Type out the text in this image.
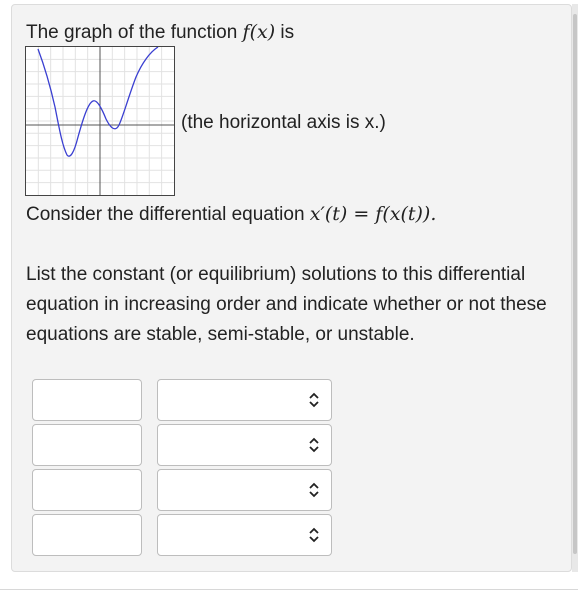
The graph of the function f(x) is
(the horizontal axis is x.)
Consider the differential equation x′(t) = f(x(t)).
List the constant (or equilibrium) solutions to this differential equation in increasing order and indicate whether or not these equations are stable, semi-stable, or unstable.
